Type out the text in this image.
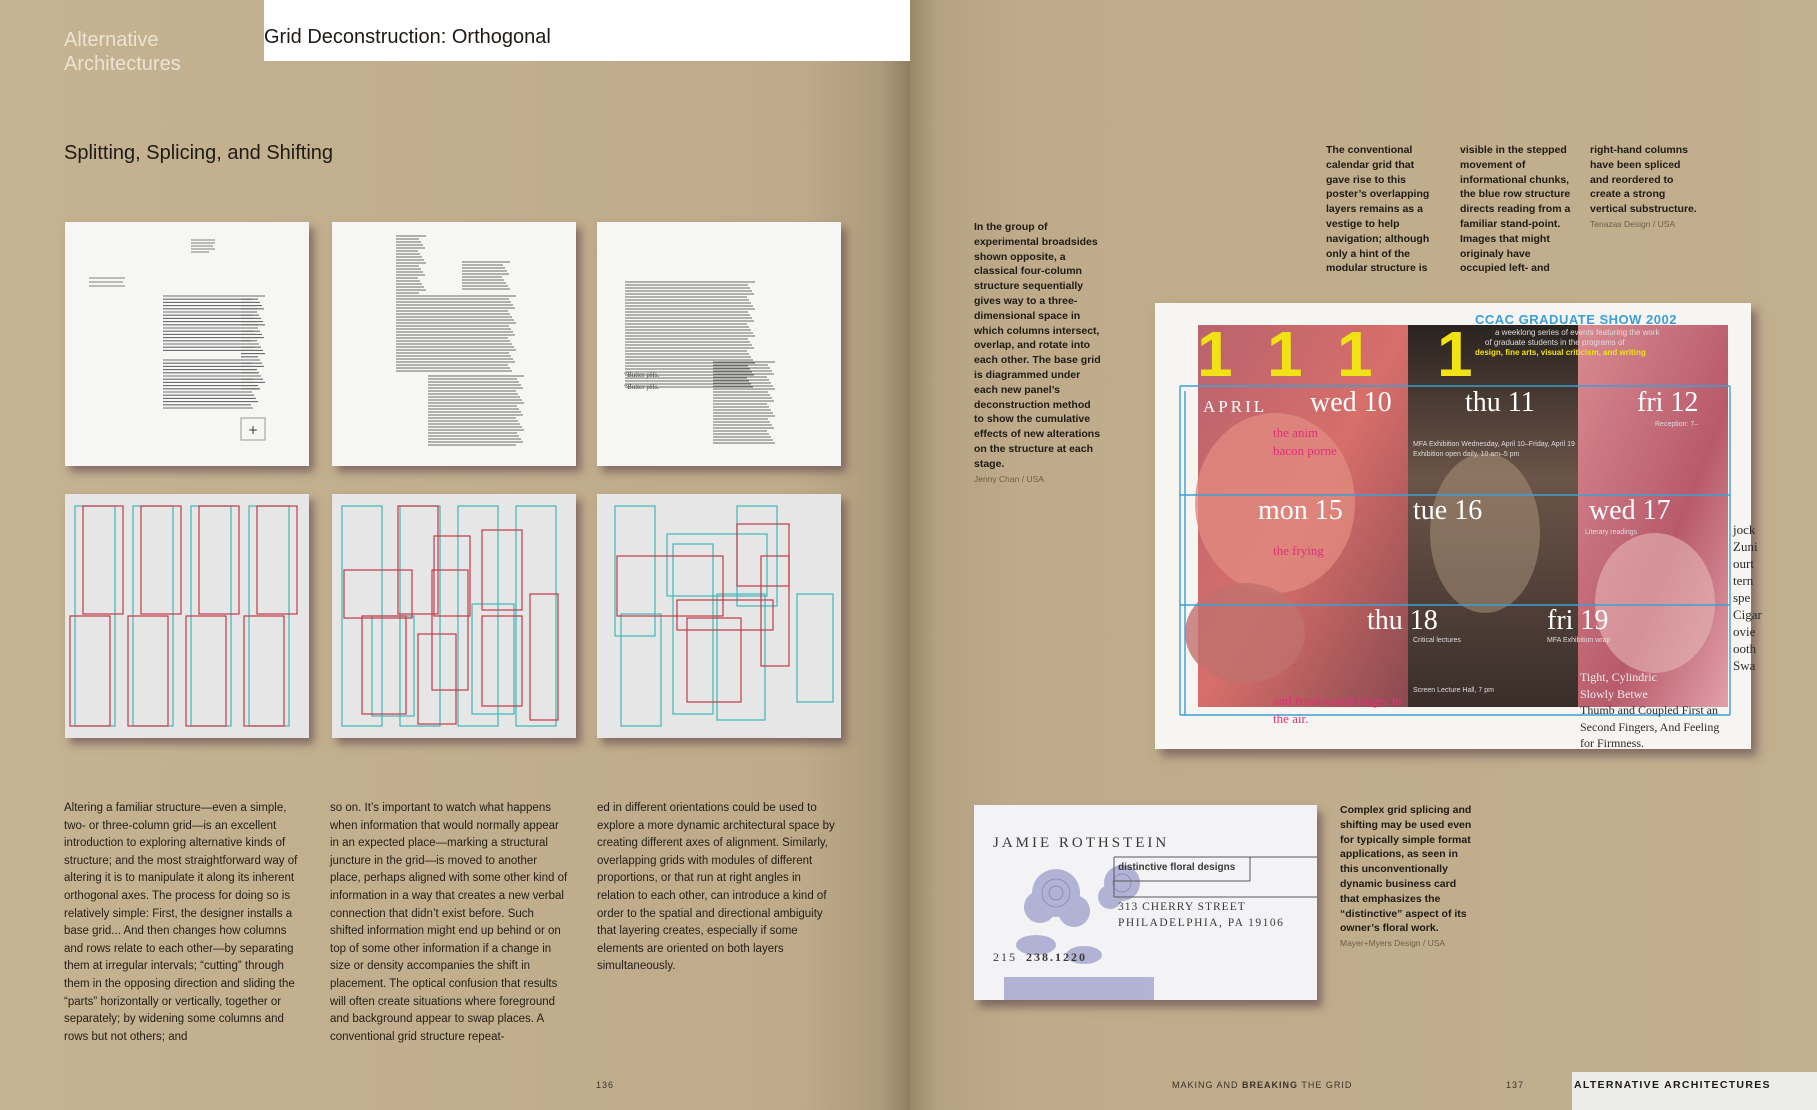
Alternative Architectures
Grid Deconstruction: Orthogonal
Splitting, Splicing, and Shifting
+
“Butter pHs.
“Butter pHs.
Altering a familiar structure—even a simple, two- or three-column grid—is an excellent introduction to exploring alternative kinds of structure; and the most straightforward way of altering it is to manipulate it along its inherent orthogonal axes. The process for doing so is relatively simple: First, the designer installs a base grid... And then changes how columns and rows relate to each other—by separating them at irregular intervals; “cutting” through them in the opposing direction and sliding the “parts” horizontally or vertically, together or separately; by widening some columns and rows but not others; and
so on. It’s important to watch what happens when information that would normally appear in an expected place—marking a structural juncture in the grid—is moved to another place, perhaps aligned with some other kind of information in a way that creates a new verbal connection that didn’t exist before. Such shifted information might end up behind or on top of some other information if a change in size or density accompanies the shift in placement. The optical confusion that results will often create situations where foreground and background appear to swap places. A conventional grid structure repeat-
ed in different orientations could be used to explore a more dynamic architectural space by creating different axes of alignment. Similarly, overlapping grids with modules of different proportions, or that run at right angles in relation to each other, can introduce a kind of order to the spatial and directional ambiguity that layering creates, especially if some elements are oriented on both layers simultaneously.
136
The conventional calendar grid that gave rise to this poster’s overlapping layers remains as a vestige to help navigation; although only a hint of the modular structure is
visible in the stepped movement of informational chunks, the blue row structure directs reading from a familiar stand-point. Images that might originaly have occupied left- and
right-hand columns have been spliced and reordered to create a strong vertical substructure.
Tenazas Design / USA
In the group of experimental broadsides shown opposite, a classical four-column structure sequentially gives way to a three-dimensional space in which columns intersect, overlap, and rotate into each other. The base grid is diagrammed under each new panel’s deconstruction method to show the cumulative effects of new alterations on the structure at each stage.
Jenny Chan / USA
CCAC GRADUATE SHOW 2002
a weeklong series of events featuring the work
of graduate students in the programs of
design, fine arts, visual criticism, and writing
1 1 1 1
APRIL wed 10	thu 11	fri 12
mon 15	tue 16	wed 17
thu 18	fri 19
MFA Exhibition Wednesday, April 10–Friday, April 19
Exhibition open daily, 10 am–5 pm
Reception: 7–
Literary readings
Critical lectures	MFA Exhibition wrap
Screen Lecture Hall, 7 pm
the anim
bacon porne
the frying
and fried starch finger in
the air.
jock
Zuni
ourt
tern
spe
Cigar
ovie
ooth
Swa
Tight, Cylindric
Slowly Betwe
Thumb and Coupled First an
Second Fingers, And Feeling
for Firmness.
JAMIE ROTHSTEIN
distinctive floral designs
313 CHERRY STREET
PHILADELPHIA, PA 19106
215 238.1220
Complex grid splicing and shifting may be used even for typically simple format applications, as seen in this unconventionally dynamic business card that emphasizes the “distinctive” aspect of its owner’s floral work.
Mayer+Myers Design / USA
MAKING AND BREAKING THE GRID	137	ALTERNATIVE ARCHITECTURES
